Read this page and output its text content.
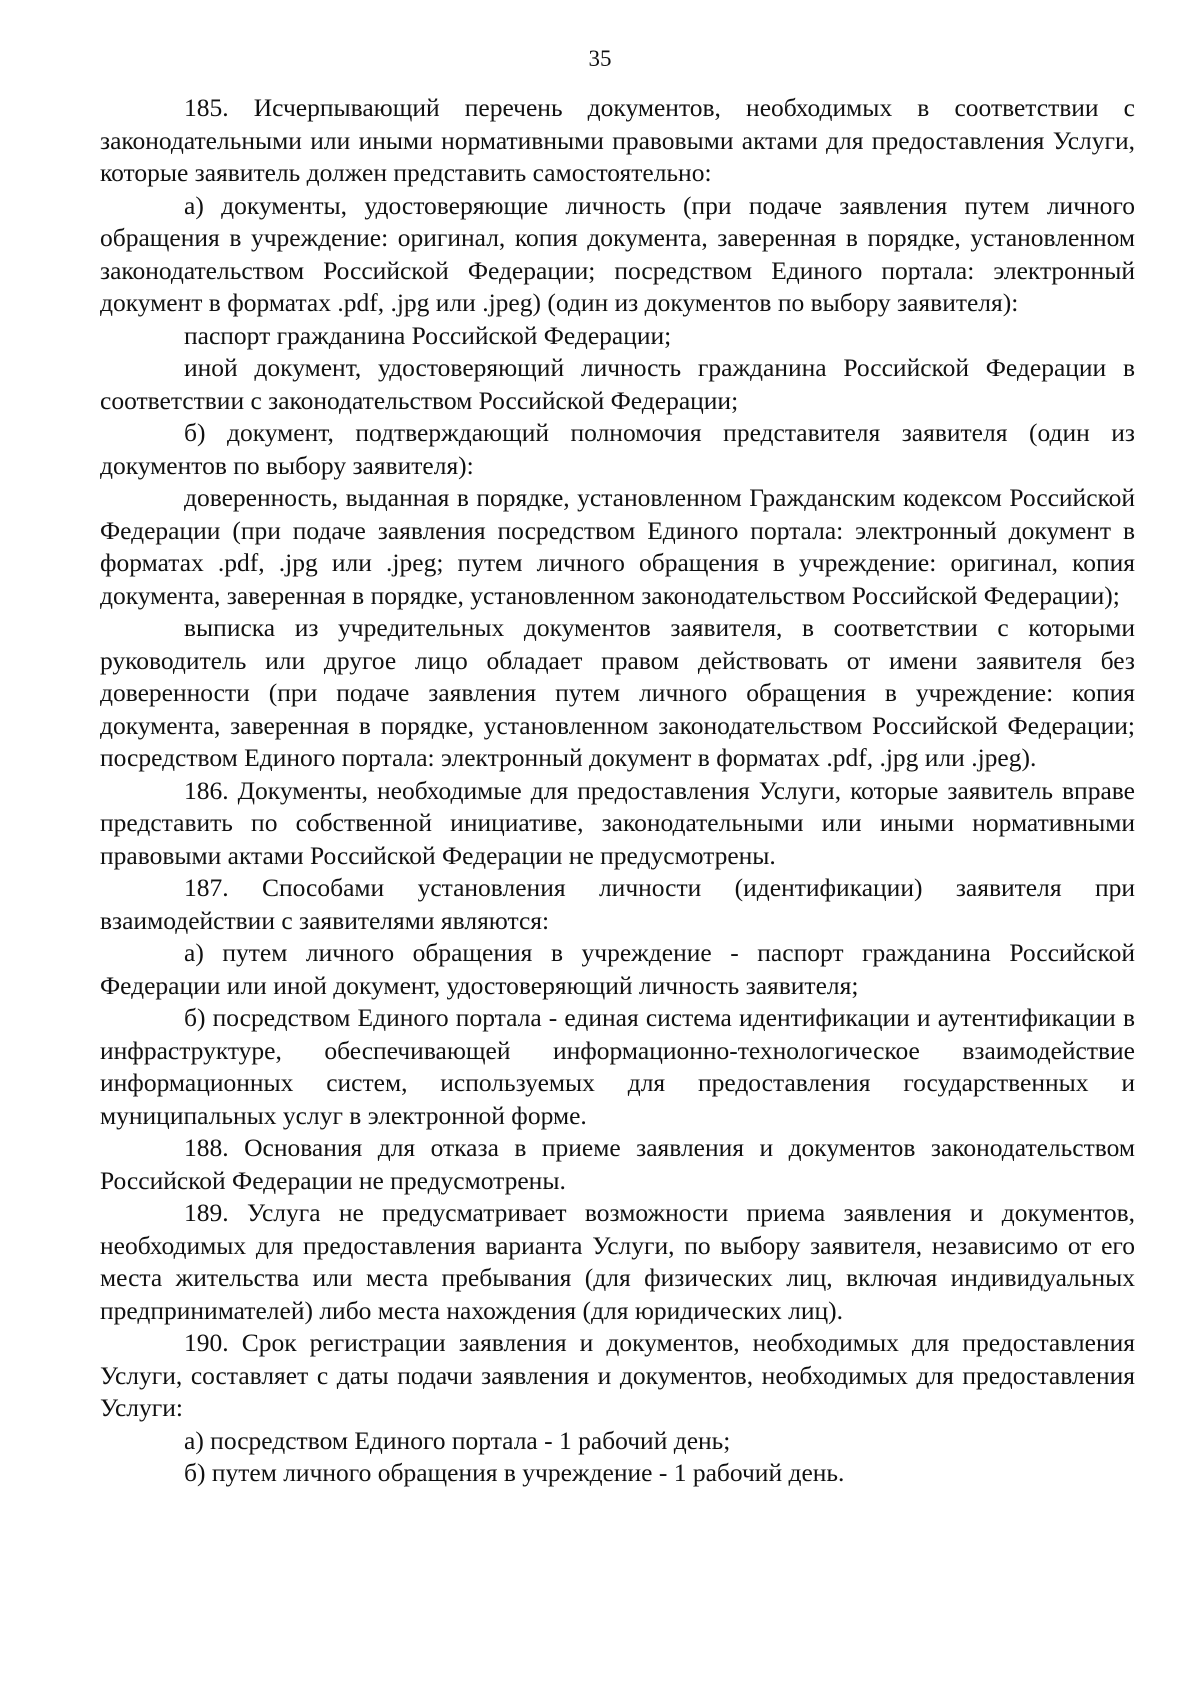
35

185. Исчерпывающий перечень документов, необходимых в соответствии с законодательными или иными нормативными правовыми актами для предоставления Услуги, которые заявитель должен представить самостоятельно:

а) документы, удостоверяющие личность (при подаче заявления путем личного обращения в учреждение: оригинал, копия документа, заверенная в порядке, установленном законодательством Российской Федерации; посредством Единого портала: электронный документ в форматах .pdf, .jpg или .jpeg) (один из документов по выбору заявителя):

паспорт гражданина Российской Федерации;

иной документ, удостоверяющий личность гражданина Российской Федерации в соответствии с законодательством Российской Федерации;

б) документ, подтверждающий полномочия представителя заявителя (один из документов по выбору заявителя):

доверенность, выданная в порядке, установленном Гражданским кодексом Российской Федерации (при подаче заявления посредством Единого портала: электронный документ в форматах .pdf, .jpg или .jpeg; путем личного обращения в учреждение: оригинал, копия документа, заверенная в порядке, установленном законодательством Российской Федерации);

выписка из учредительных документов заявителя, в соответствии с которыми руководитель или другое лицо обладает правом действовать от имени заявителя без доверенности (при подаче заявления путем личного обращения в учреждение: копия документа, заверенная в порядке, установленном законодательством Российской Федерации; посредством Единого портала: электронный документ в форматах .pdf, .jpg или .jpeg).

186. Документы, необходимые для предоставления Услуги, которые заявитель вправе представить по собственной инициативе, законодательными или иными нормативными правовыми актами Российской Федерации не предусмотрены.

187. Способами установления личности (идентификации) заявителя при взаимодействии с заявителями являются:

а) путем личного обращения в учреждение - паспорт гражданина Российской Федерации или иной документ, удостоверяющий личность заявителя;

б) посредством Единого портала - единая система идентификации и аутентификации в инфраструктуре, обеспечивающей информационно-технологическое взаимодействие информационных систем, используемых для предоставления государственных и муниципальных услуг в электронной форме.

188. Основания для отказа в приеме заявления и документов законодательством Российской Федерации не предусмотрены.

189. Услуга не предусматривает возможности приема заявления и документов, необходимых для предоставления варианта Услуги, по выбору заявителя, независимо от его места жительства или места пребывания (для физических лиц, включая индивидуальных предпринимателей) либо места нахождения (для юридических лиц).

190. Срок регистрации заявления и документов, необходимых для предоставления Услуги, составляет с даты подачи заявления и документов, необходимых для предоставления Услуги:

а) посредством Единого портала - 1 рабочий день;

б) путем личного обращения в учреждение - 1 рабочий день.
